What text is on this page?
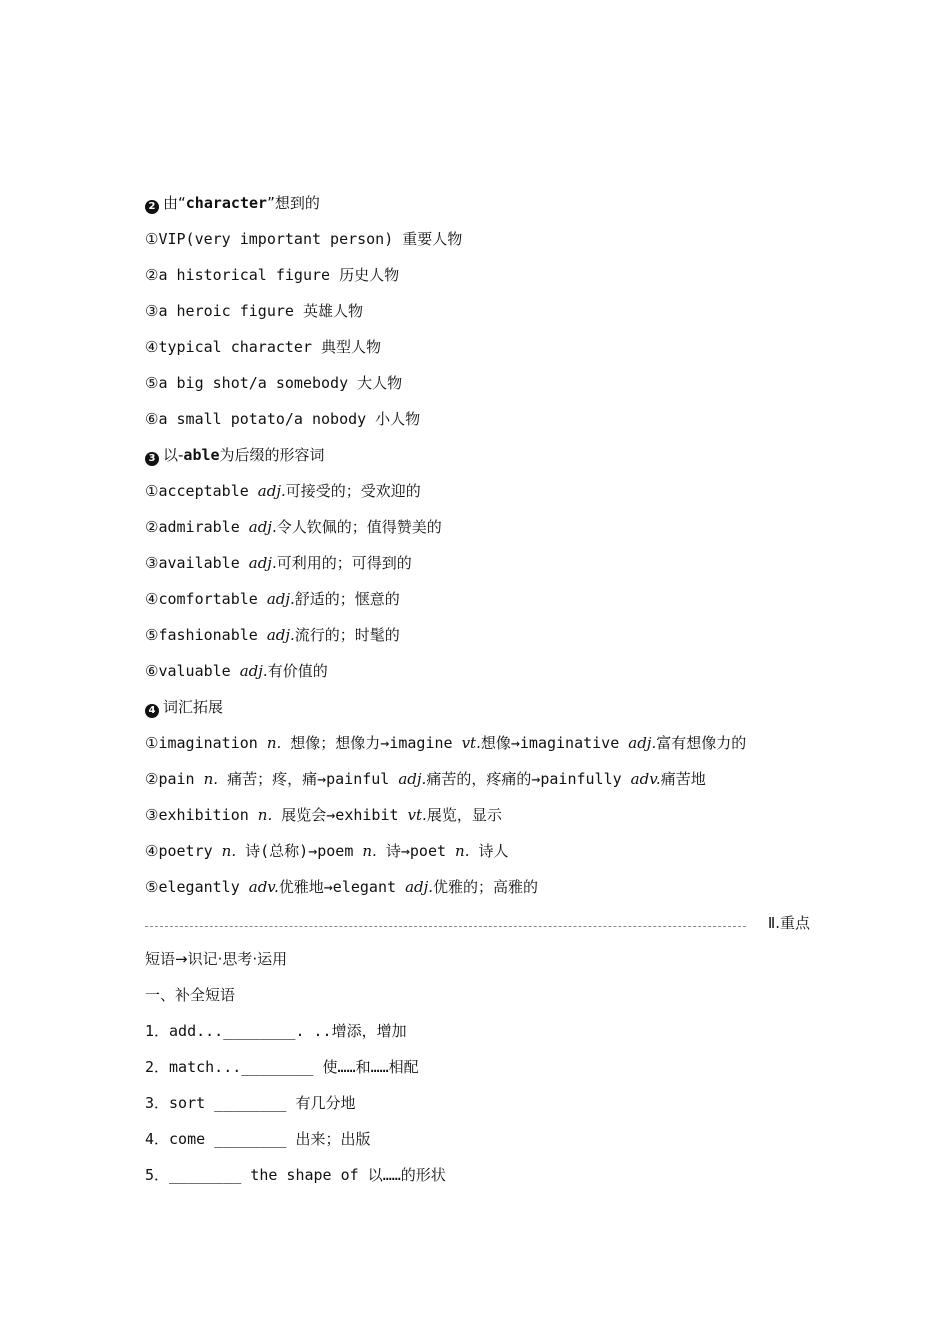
2 由“character”想到的
①VIP(very important person) 重要人物
②a historical figure 历史人物
③a heroic figure 英雄人物
④typical character 典型人物
⑤a big shot/a somebody 大人物
⑥a small potato/a nobody 小人物
3 以-able为后缀的形容词
①acceptable adj.可接受的；受欢迎的
②admirable adj.令人钦佩的；值得赞美的
③available adj.可利用的；可得到的
④comfortable adj.舒适的；惬意的
⑤fashionable adj.流行的；时髦的
⑥valuable adj.有价值的
4 词汇拓展
①imagination n. 想像；想像力→imagine vt.想像→imaginative adj.富有想像力的
②pain n. 痛苦；疼，痛→painful adj.痛苦的，疼痛的→painfully adv.痛苦地
③exhibition n. 展览会→exhibit vt.展览，显示
④poetry n. 诗(总称)→poem n. 诗→poet n. 诗人
⑤elegantly adv.优雅地→elegant adj.优雅的；高雅的
Ⅱ.重点
短语→识记·思考·运用
一、补全短语
1．add...________. ..增添，增加
2．match...________ 使……和……相配
3．sort ________ 有几分地
4．come ________ 出来；出版
5．________ the shape of 以……的形状
